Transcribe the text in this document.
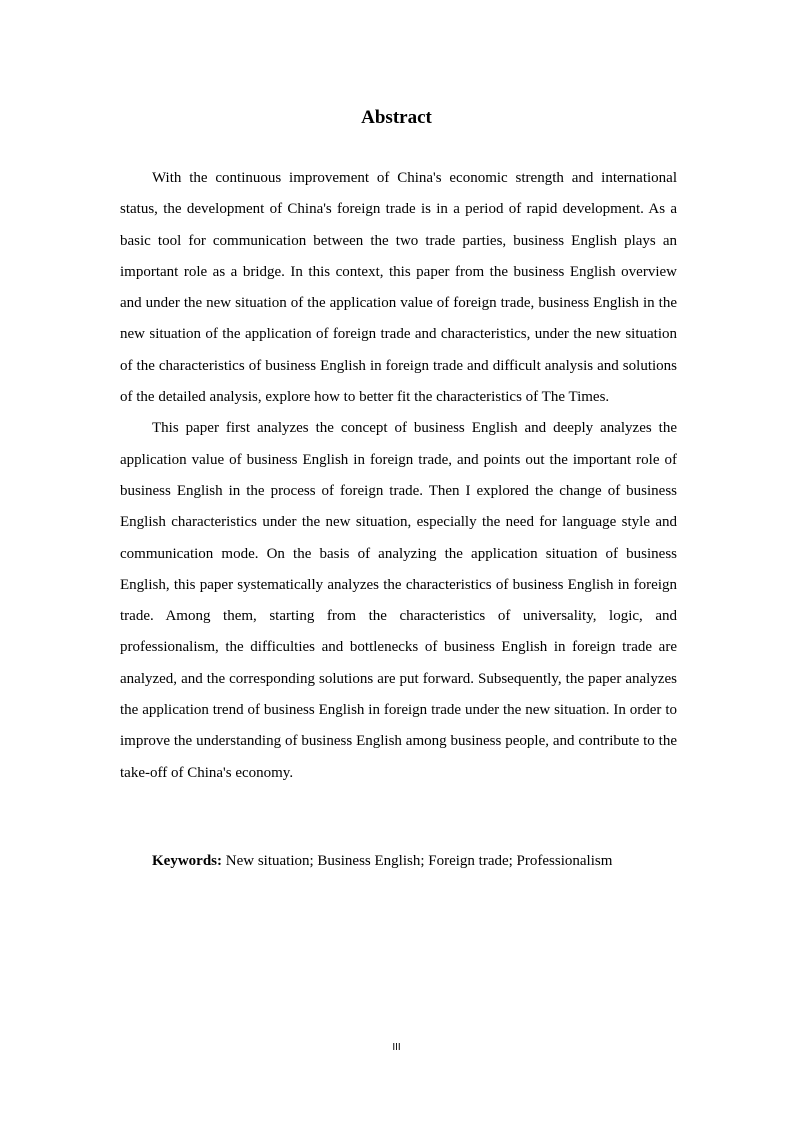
Abstract

With the continuous improvement of China's economic strength and international status, the development of China's foreign trade is in a period of rapid development. As a basic tool for communication between the two trade parties, business English plays an important role as a bridge. In this context, this paper from the business English overview and under the new situation of the application value of foreign trade, business English in the new situation of the application of foreign trade and characteristics, under the new situation of the characteristics of business English in foreign trade and difficult analysis and solutions of the detailed analysis, explore how to better fit the characteristics of The Times.

This paper first analyzes the concept of business English and deeply analyzes the application value of business English in foreign trade, and points out the important role of business English in the process of foreign trade. Then I explored the change of business English characteristics under the new situation, especially the need for language style and communication mode. On the basis of analyzing the application situation of business English, this paper systematically analyzes the characteristics of business English in foreign trade. Among them, starting from the characteristics of universality, logic, and professionalism, the difficulties and bottlenecks of business English in foreign trade are analyzed, and the corresponding solutions are put forward. Subsequently, the paper analyzes the application trend of business English in foreign trade under the new situation. In order to improve the understanding of business English among business people, and contribute to the take-off of China's economy.

Keywords: New situation; Business English; Foreign trade; Professionalism
III
